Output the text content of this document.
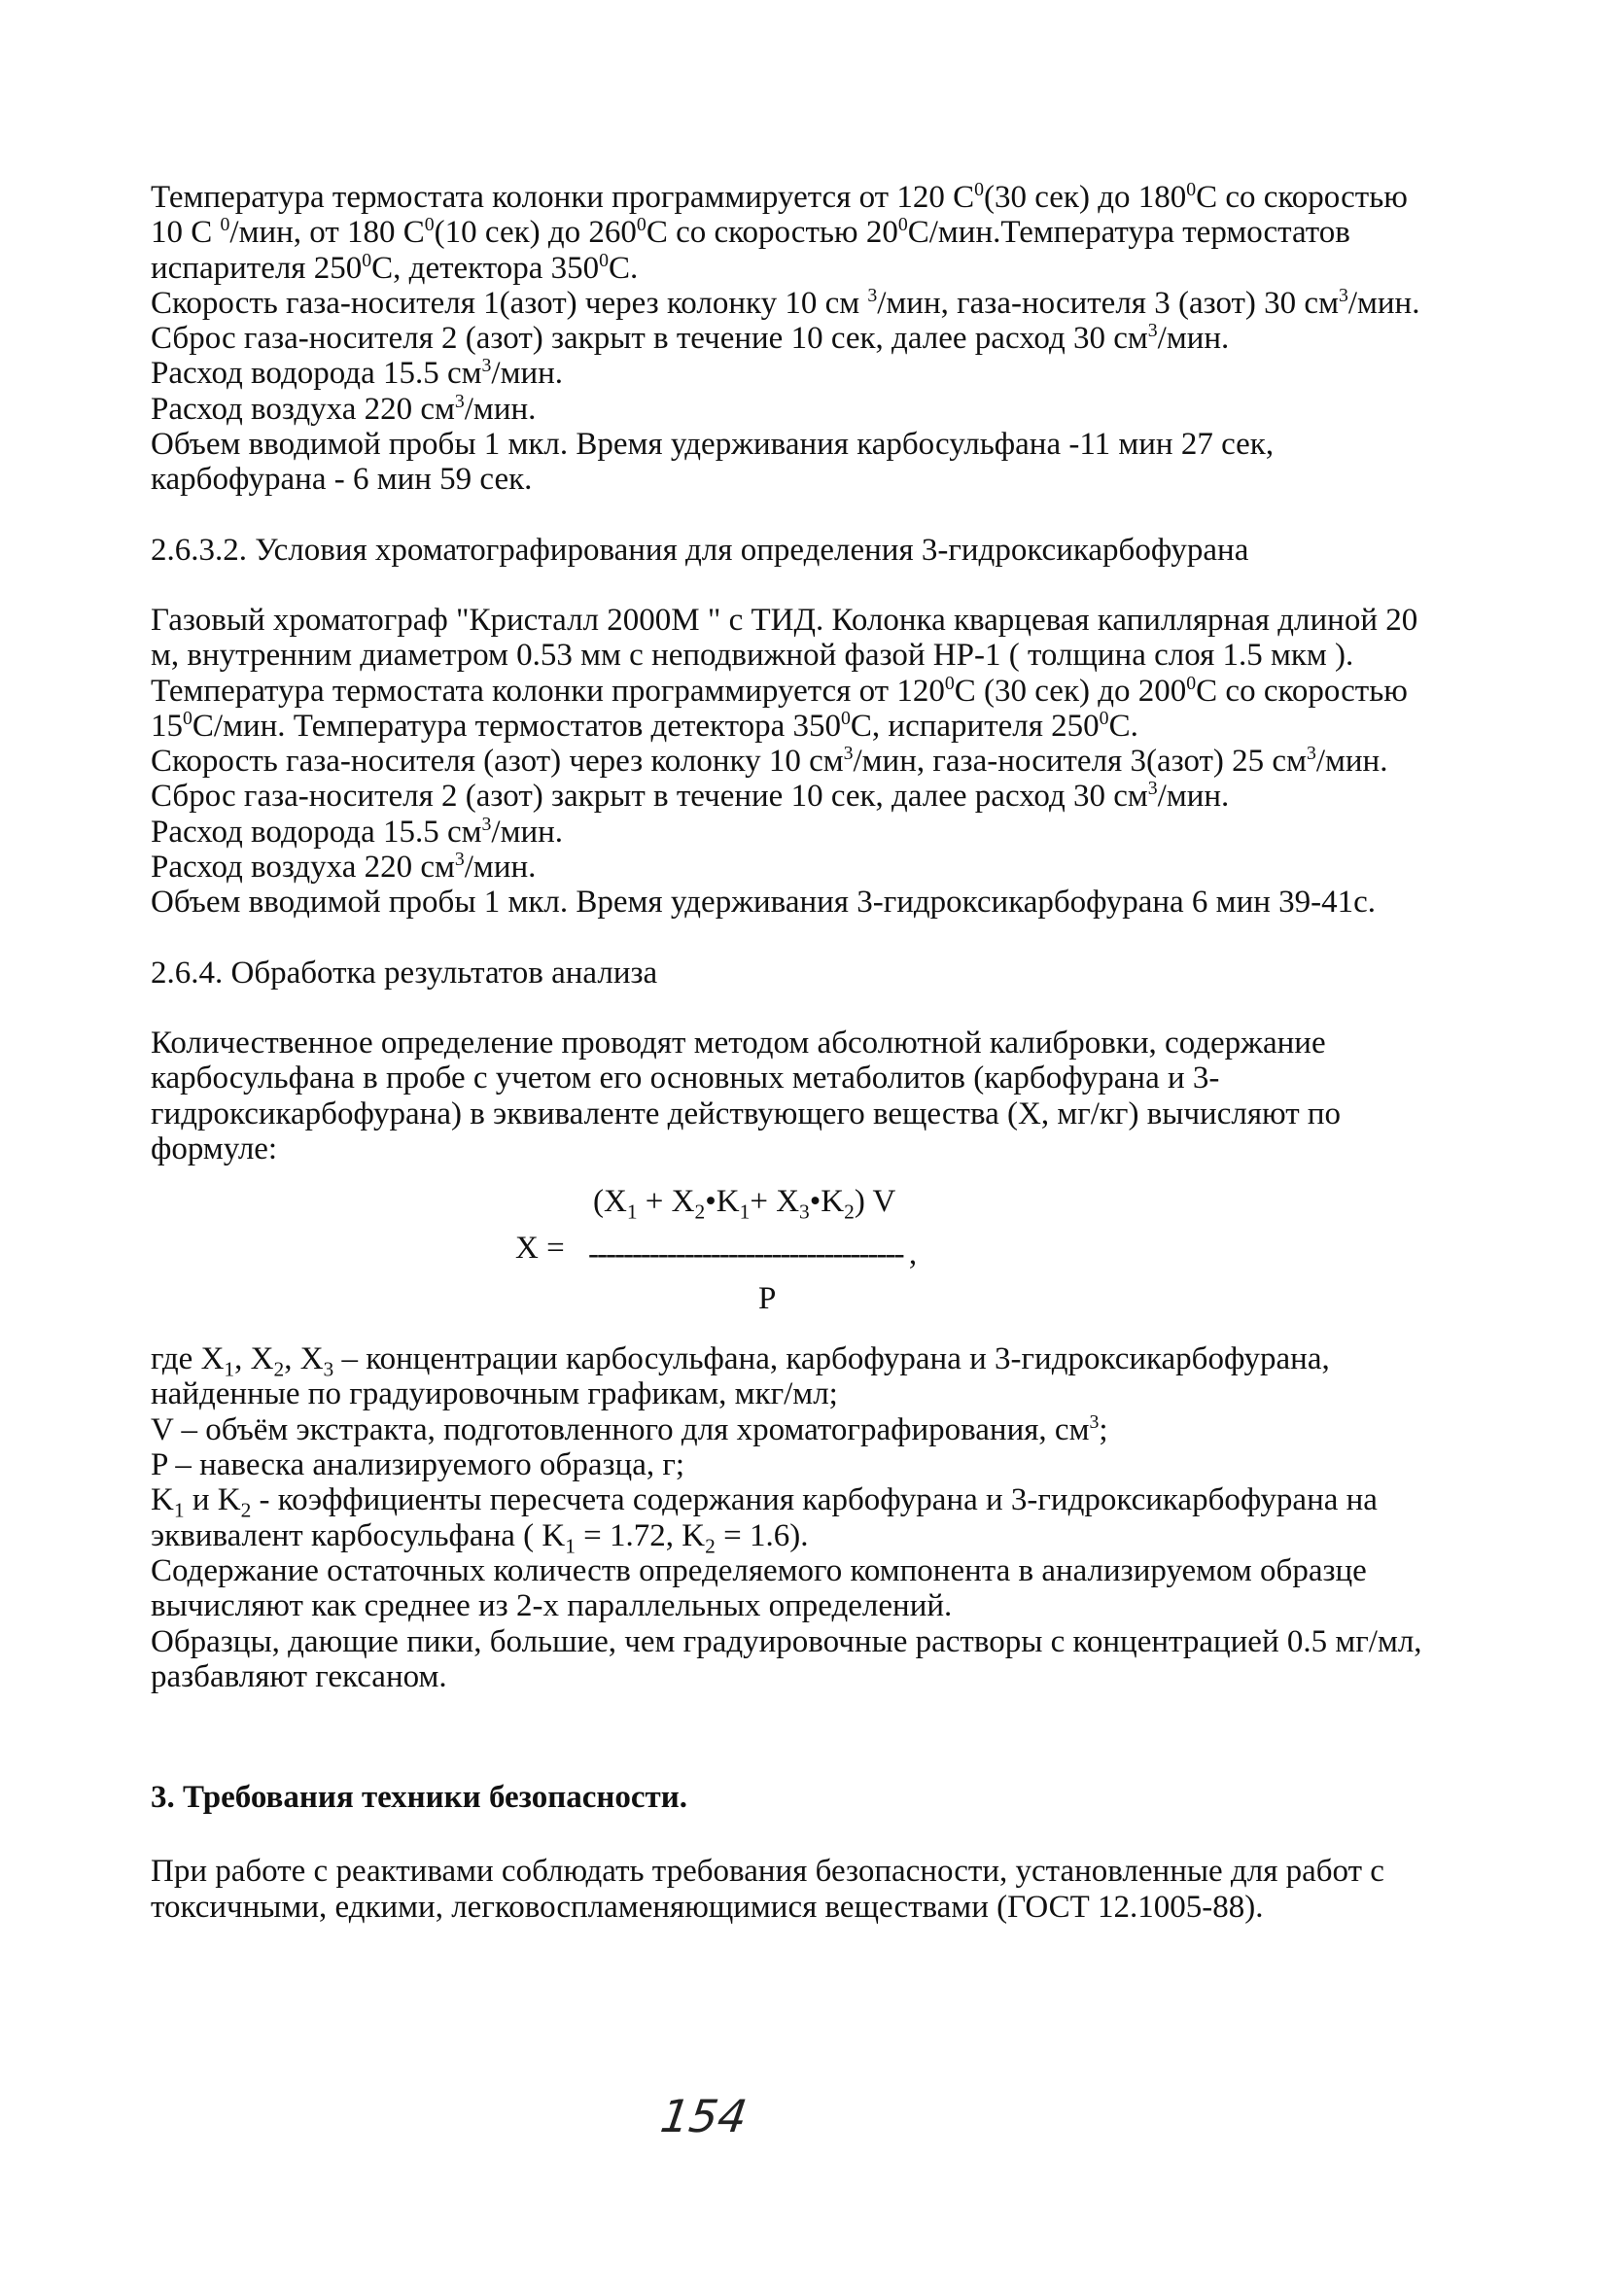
Температура термостата колонки программируется от 120 $С^0(30$ сек) до $180^0С$ со скоростью
10 С $^0$/мин, от 180 $С^0(10$ сек) до $260^0С$ со скоростью $20^0С/мин.Температура$ термостатов
испарителя $250^0С$, детектора $350^0С$.
Скорость газа-носителя 1(азот) через колонку 10 см $^3$/мин, газа-носителя 3 (азот) 30 $см^3$/мин.
Сброс газа-носителя 2 (азот) закрыт в течение 10 сек, далее расход 30 $см^3$/мин.
Расход водорода 15.5 $см^3$/мин.
Расход воздуха 220 $см^3$/мин.
Объем вводимой пробы 1 мкл. Время удерживания карбосульфана -11 мин 27 сек,
карбофурана - 6 мин 59 сек.
2.6.3.2. Условия хроматографирования для определения 3-гидроксикарбофурана
Газовый хроматограф "Кристалл 2000М " с ТИД. Колонка кварцевая капиллярная длиной 20
м, внутренним диаметром 0.53 мм с неподвижной фазой НР-1 ( толщина слоя 1.5 мкм ).
Температура термостата колонки программируется от $120^0С$ (30 сек) до $200^0С$ со скоростью
$15^0С$/мин. Температура термостатов детектора $350^0С$, испарителя $250^0С$.
Скорость газа-носителя (азот) через колонку 10 $см^3$/мин, газа-носителя 3(азот) 25 $см^3$/мин.
Сброс газа-носителя 2 (азот) закрыт в течение 10 сек, далее расход 30 $см^3$/мин.
Расход водорода 15.5 $см^3$/мин.
Расход воздуха 220 $см^3$/мин.
Объем вводимой пробы 1 мкл. Время удерживания 3-гидроксикарбофурана 6 мин 39-41с.
2.6.4. Обработка результатов анализа
Количественное определение проводят методом абсолютной калибровки, содержание
карбосульфана в пробе с учетом его основных метаболитов (карбофурана и 3-
гидроксикарбофурана) в эквиваленте действующего вещества (Х, мг/кг) вычисляют по
формуле:
X =
($X_1$ + $X_2•K_1+$ $X_3•K_2$) V
------------------------------------ ,
P
где $X_1$, $X_2$, $X_3$ – концентрации карбосульфана, карбофурана и 3-гидроксикарбофурана,
найденные по градуировочным графикам, мкг/мл;
V – объём экстракта, подготовленного для хроматографирования, $см^3$;
P – навеска анализируемого образца, г;
$K_1$ и $K_2$ - коэффициенты пересчета содержания карбофурана и 3-гидроксикарбофурана на
эквивалент карбосульфана ( $K_1 = 1.72$, $K_2 = 1.6$).
Содержание остаточных количеств определяемого компонента в анализируемом образце
вычисляют как среднее из 2-х параллельных определений.
Образцы, дающие пики, большие, чем градуировочные растворы с концентрацией 0.5 мг/мл,
разбавляют гексаном.
3. Требования техники безопасности.
При работе с реактивами соблюдать требования безопасности, установленные для работ с
токсичными, едкими, легковоспламеняющимися веществами (ГОСТ 12.1005-88).
154
